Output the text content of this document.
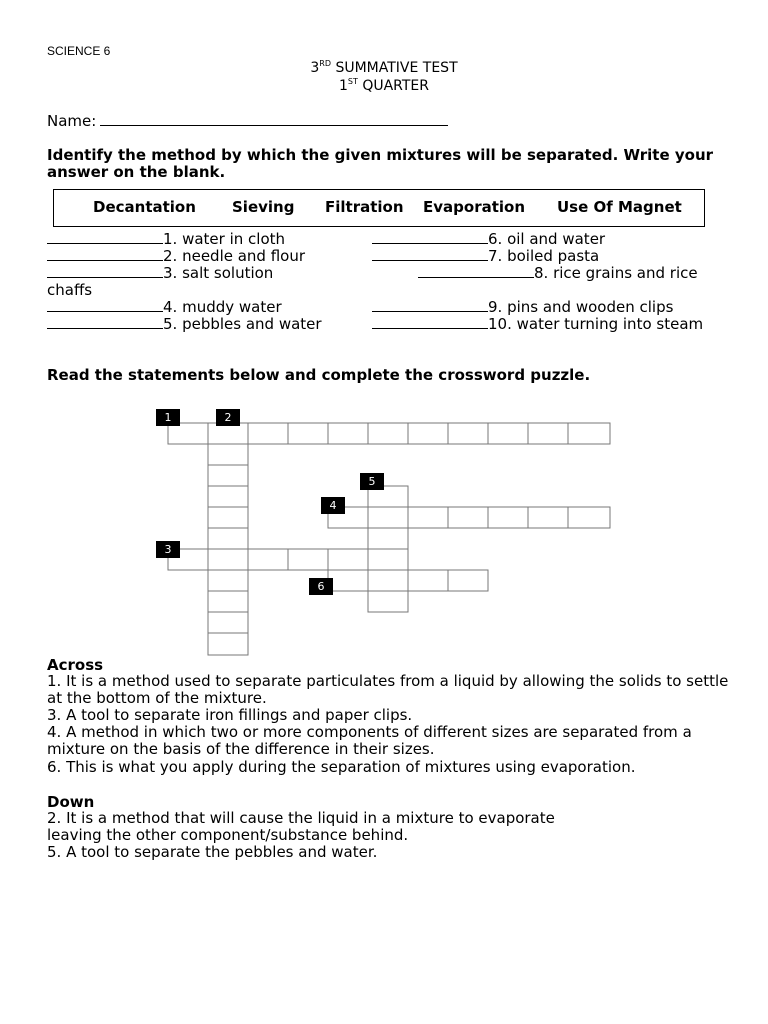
SCIENCE 6
3RD SUMMATIVE TEST
1ST QUARTER
Name:
Identify the method by which the given mixtures will be separated. Write your answer on the blank.
Decantation Sieving Filtration Evaporation Use Of Magnet
1. water in cloth
2. needle and flour
3. salt solution
chaffs
4. muddy water
5. pebbles and water
6. oil and water
7. boiled pasta
8. rice grains and rice
9. pins and wooden clips
10. water turning into steam
Read the statements below and complete the crossword puzzle.
1	2
5
4
3
6
Across
1. It is a method used to separate particulates from a liquid by allowing the solids to settle at the bottom of the mixture.
3. A tool to separate iron fillings and paper clips.
4. A method in which two or more components of different sizes are separated from a mixture on the basis of the difference in their sizes.
6. This is what you apply during the separation of mixtures using evaporation.
Down
2. It is a method that will cause the liquid in a mixture to evaporate
leaving the other component/substance behind.
5. A tool to separate the pebbles and water.
